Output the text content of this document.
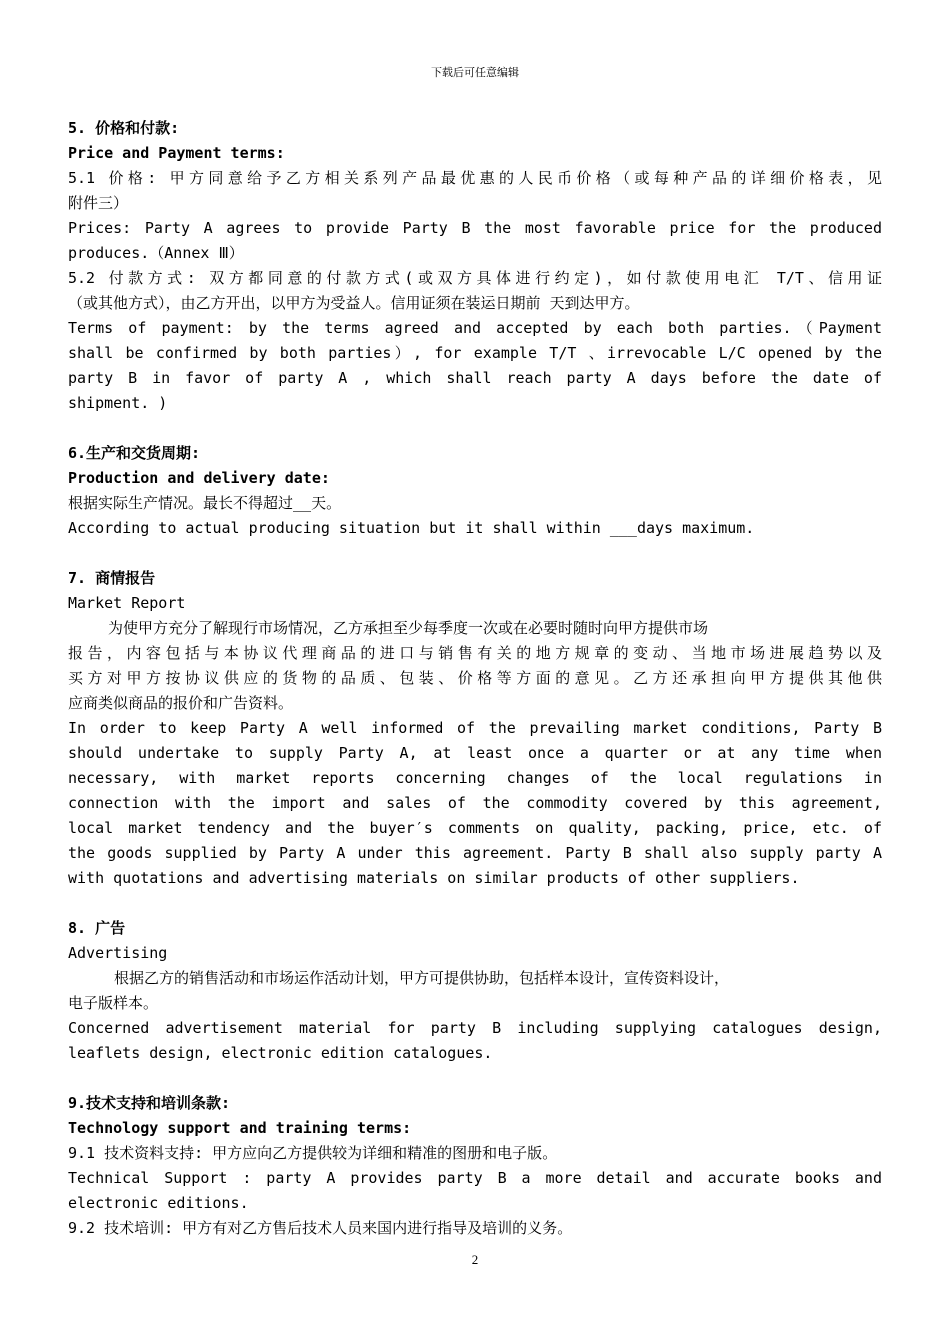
下载后可任意编辑
5. 价格和付款:
Price and Payment terms:
5.1 价格: 甲方同意给予乙方相关系列产品最优惠的人民币价格（或每种产品的详细价格表，见
附件三）
Prices: Party A agrees to provide Party B the most favorable price for the produced
produces.（Annex Ⅲ）
5.2 付款方式: 双方都同意的付款方式(或双方具体进行约定)，如付款使用电汇 T/T、信用证
（或其他方式），由乙方开出，以甲方为受益人。信用证须在装运日期前 天到达甲方。
Terms of payment: by the terms agreed and accepted by each both parties.（Payment
shall be confirmed by both parties）, for example T/T 、irrevocable L/C opened by the
party B in favor of party A , which shall reach party A days before the date of
shipment. )
6.生产和交货周期:
Production and delivery date:
根据实际生产情况。最长不得超过__天。
According to actual producing situation but it shall within ___days maximum.
7. 商情报告
Market Report
为使甲方充分了解现行市场情况，乙方承担至少每季度一次或在必要时随时向甲方提供市场
报告，内容包括与本协议代理商品的进口与销售有关的地方规章的变动、当地市场进展趋势以及
买方对甲方按协议供应的货物的品质、包装、价格等方面的意见。乙方还承担向甲方提供其他供
应商类似商品的报价和广告资料。
In order to keep Party A well informed of the prevailing market conditions, Party B
should undertake to supply Party A, at least once a quarter or at any time when
necessary, with market reports concerning changes of the local regulations in
connection with the import and sales of the commodity covered by this agreement,
local market tendency and the buyer′s comments on quality, packing, price, etc. of
the goods supplied by Party A under this agreement. Party B shall also supply party A
with quotations and advertising materials on similar products of other suppliers.
8. 广告
Advertising
根据乙方的销售活动和市场运作活动计划，甲方可提供协助，包括样本设计，宣传资料设计，
电子版样本。
Concerned advertisement material for party B including supplying catalogues design,
leaflets design, electronic edition catalogues.
9.技术支持和培训条款:
Technology support and training terms:
9.1 技术资料支持: 甲方应向乙方提供较为详细和精准的图册和电子版。
Technical Support : party A provides party B a more detail and accurate books and
electronic editions.
9.2 技术培训: 甲方有对乙方售后技术人员来国内进行指导及培训的义务。
2
